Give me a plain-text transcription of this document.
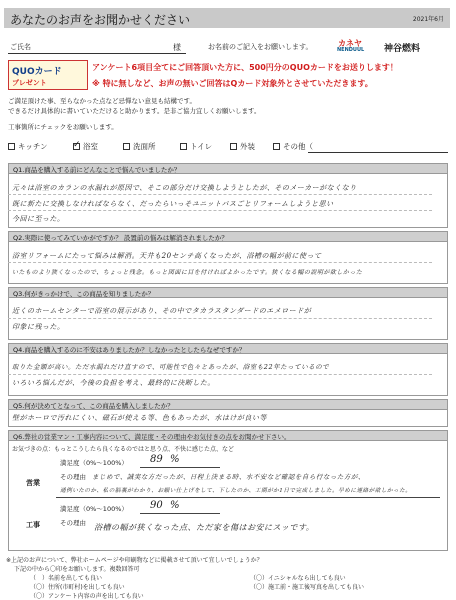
あなたのお声をお聞かせください	2021年6月
ご氏名	様	お名前のご記入をお願いします。	カネヤ
NENDUUL 神谷燃料
QUOカード
プレゼント
アンケート6項目全てにご回答頂いた方に、500円分のQUOカードをお送りします！
※ 特に無しなど、お声の無いご回答はQカード対象外とさせていただきます。
ご満足頂けた事、至らなかった点など忌憚ない意見も結構です。
できるだけ具体的に書いていただけると助かります。是非ご協力宜しくお願いします。
工事箇所にチェックをお願いします。
キッチン
✓	浴室	洗面所	トイレ	外装	その他（
Q1.商品を購入する前にどんなことで悩んでいましたか？
元々は浴室のカランの水漏れが原因で、そこの部分だけ交換しようとしたが、そのメーカーがなくなり
既に新たに交換しなければならなく、だったらいっそユニットバスごとリフォームしようと思い
今回に至った。
Q2.実際に使ってみていかがですか？ 設置前の悩みは解消されましたか？
浴室リフォームにたって悩みは解消。天井も20センチ高くなったが、浴槽の幅が前に使って
いたものより狭くなったので、ちょっと残念。もっと図面に目を付ければよかったです。狭くなる幅の説明が欲しかった
Q3.何がきっかけで、この商品を知りましたか？
近くのホームセンターで浴室の展示があり、その中でタカラスタンダードのエメロードが
印象に残った。
Q4.商品を購入するのに不安はありましたか？しなかったとしたらなぜですか？
取りた金額が高い。ただ水漏れだけ直すので、可能性で色々とあったが、浴室も22年たっているので
いろいろ悩んだが、今後の負担を考え、最終的に決断した。
Q5.何が決めてとなって、この商品を購入しましたか？
壁がホーロで汚れにくい、磁石が使える等、色もあったが、水はけが良い等
Q6.弊社の営業マン・工事内容について、満足度・その理由やお気付きの点をお聞かせ下さい。
お気づきの点：もっとこうしたら良くなるのではと思う点、不快に感じた点、など
営業
満足度（0%〜100%） 89 %
その理由 まじめで、誠実な方だったが、日程上決まる時、水不安など確認を自ら行なった方が、
通例いたのか、私の脳裏がわかり、お願い仕上げをして、下したのか、工期がか1日で完成しました。早めに連絡が欲しかった。
工事
満足度（0%〜100%） 90 %
その理由 浴槽の幅が狭くなった点、ただ家を傷はお安にスッです。
※上記のお声について、弊社ホームページや印刷物などに掲載させて頂いて宜しいでしょうか？
下記の中から〇印をお願いします。複数回答可
（　）名前を出しても良い	（〇）イニシャルなら出しても良い
（〇）住所(市町村)を出しても良い	（〇）施工前・施工後写真を出しても良い
（〇）アンケート内容の声を出しても良い
